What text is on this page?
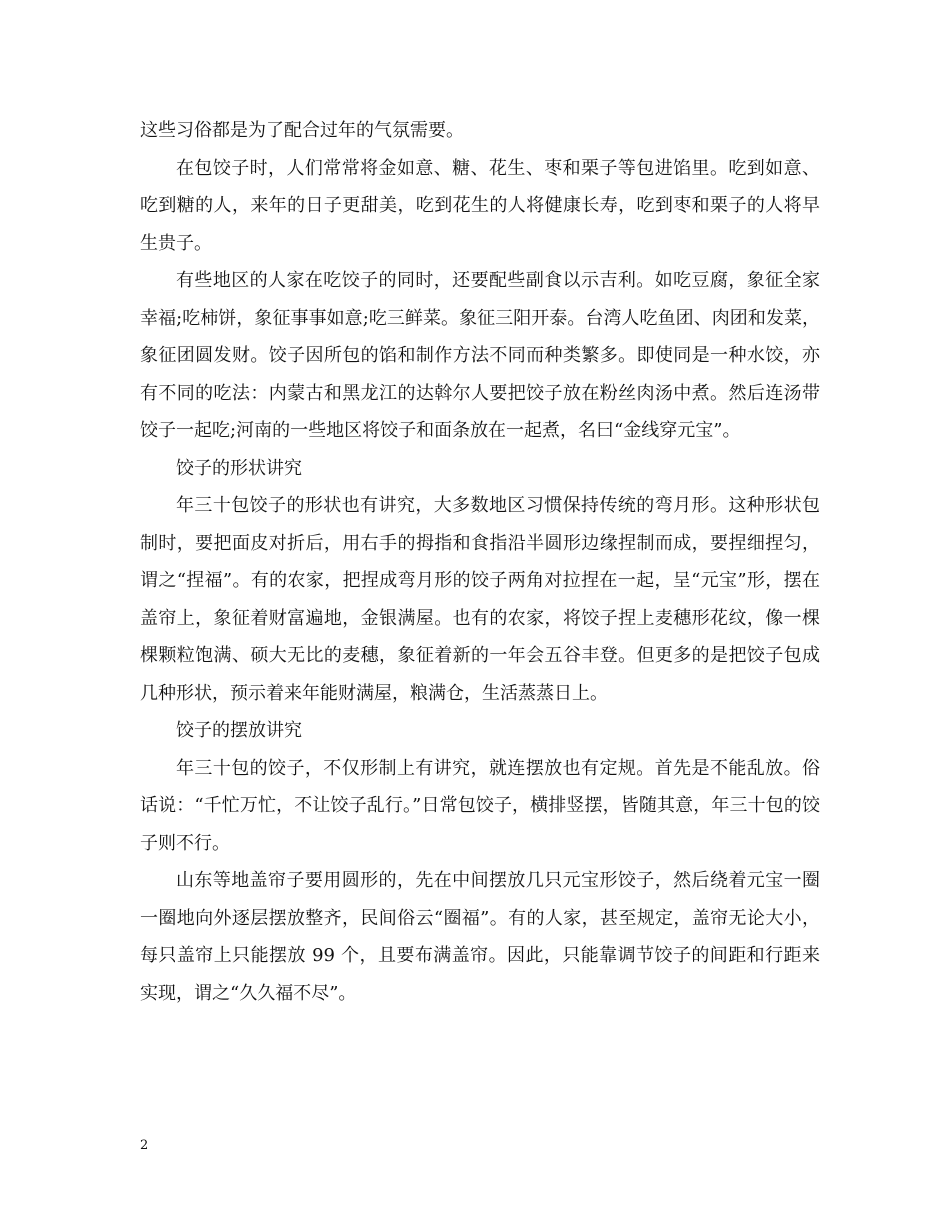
这些习俗都是为了配合过年的气氛需要。

在包饺子时，人们常常将金如意、糖、花生、枣和栗子等包进馅里。吃到如意、吃到糖的人，来年的日子更甜美，吃到花生的人将健康长寿，吃到枣和栗子的人将早生贵子。

有些地区的人家在吃饺子的同时，还要配些副食以示吉利。如吃豆腐，象征全家幸福;吃柿饼，象征事事如意;吃三鲜菜。象征三阳开泰。台湾人吃鱼团、肉团和发菜，象征团圆发财。饺子因所包的馅和制作方法不同而种类繁多。即使同是一种水饺，亦有不同的吃法：内蒙古和黑龙江的达斡尔人要把饺子放在粉丝肉汤中煮。然后连汤带饺子一起吃;河南的一些地区将饺子和面条放在一起煮，名曰“金线穿元宝”。

饺子的形状讲究

年三十包饺子的形状也有讲究，大多数地区习惯保持传统的弯月形。这种形状包制时，要把面皮对折后，用右手的拇指和食指沿半圆形边缘捏制而成，要捏细捏匀，谓之“捏福”。有的农家，把捏成弯月形的饺子两角对拉捏在一起，呈“元宝”形，摆在盖帘上，象征着财富遍地，金银满屋。也有的农家，将饺子捏上麦穗形花纹，像一棵棵颗粒饱满、硕大无比的麦穗，象征着新的一年会五谷丰登。但更多的是把饺子包成几种形状，预示着来年能财满屋，粮满仓，生活蒸蒸日上。

饺子的摆放讲究

年三十包的饺子，不仅形制上有讲究，就连摆放也有定规。首先是不能乱放。俗话说：“千忙万忙，不让饺子乱行。”日常包饺子，横排竖摆，皆随其意，年三十包的饺子则不行。

山东等地盖帘子要用圆形的，先在中间摆放几只元宝形饺子，然后绕着元宝一圈一圈地向外逐层摆放整齐，民间俗云“圈福”。有的人家，甚至规定，盖帘无论大小，每只盖帘上只能摆放 99 个，且要布满盖帘。因此，只能靠调节饺子的间距和行距来实现，谓之“久久福不尽”。

2
